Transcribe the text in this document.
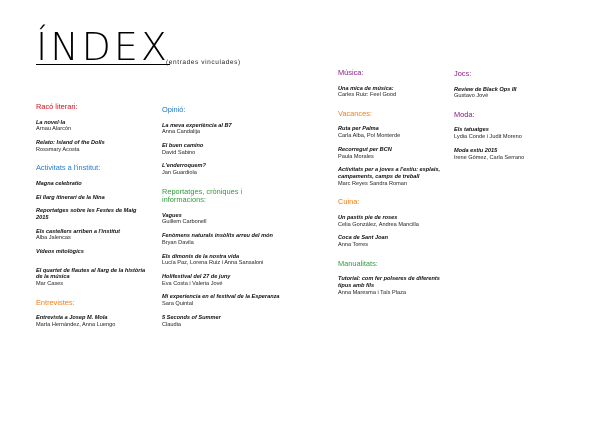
ÍNDEX
(entrades vinculades)
Racó literari:
La novel·la
Arnau Alarcón
Relato: Island of the Dolls
Rossmary Acosta
Activitats a l'institut:
Magna celebratio
El llarg itinerari de la Nina
Reportatges sobre les Festes de Maig 2015
Els castellers arriben a l'institut
Alba Jalencas
Vídeos mitològics
El quartet de flautes al llarg de la història de la música
Mar Cases
Entrevistes:
Entrevista a Josep M. Mola
Marta Hernández, Anna Luengo
Opinió:
La meva experiència al B7
Anna Candalija
El buen camino
David Sabino
L'enderroquem?
Jan Guardiola
Reportatges, cròniques i informacions:
Vagues
Guillem Carbonell
Fenòmens naturals insòlits arreu del món
Bryan Davila
Els dimonis de la nostra vida
Lucía Paz, Lorena Ruiz i Anna Sansaloni
Holifestival del 27 de juny
Eva Costa i Valeria Jové
Mi experiencia en el festival de la Esperanza
Sara Quintal
5 Seconds of Summer
Claudia
Música:
Una mica de música:
Carles Ruiz: Feel Good
Vacances:
Ruta per Palma
Carla Alba, Pol Monterde
Recorregut per BCN
Paula Morales
Activitats per a joves a l'estiu: esplais, campaments, camps de treball
Marc Reyes Sandra Roman
Cuina:
Un pastís pie de roses
Celia González, Andrea Mancilla
Coca de Sant Joan
Anna Torres
Manualitats:
Tutorial: com fer polseres de diferents tipus amb fils
Anna Maresma i Taïs Plaza
Jocs:
Review de Black Ops III
Gustavo Jové
Moda:
Els tatuatges
Lydia Conde i Judit Moreno
Moda estiu 2015
Irene Gómez, Carla Serrano
